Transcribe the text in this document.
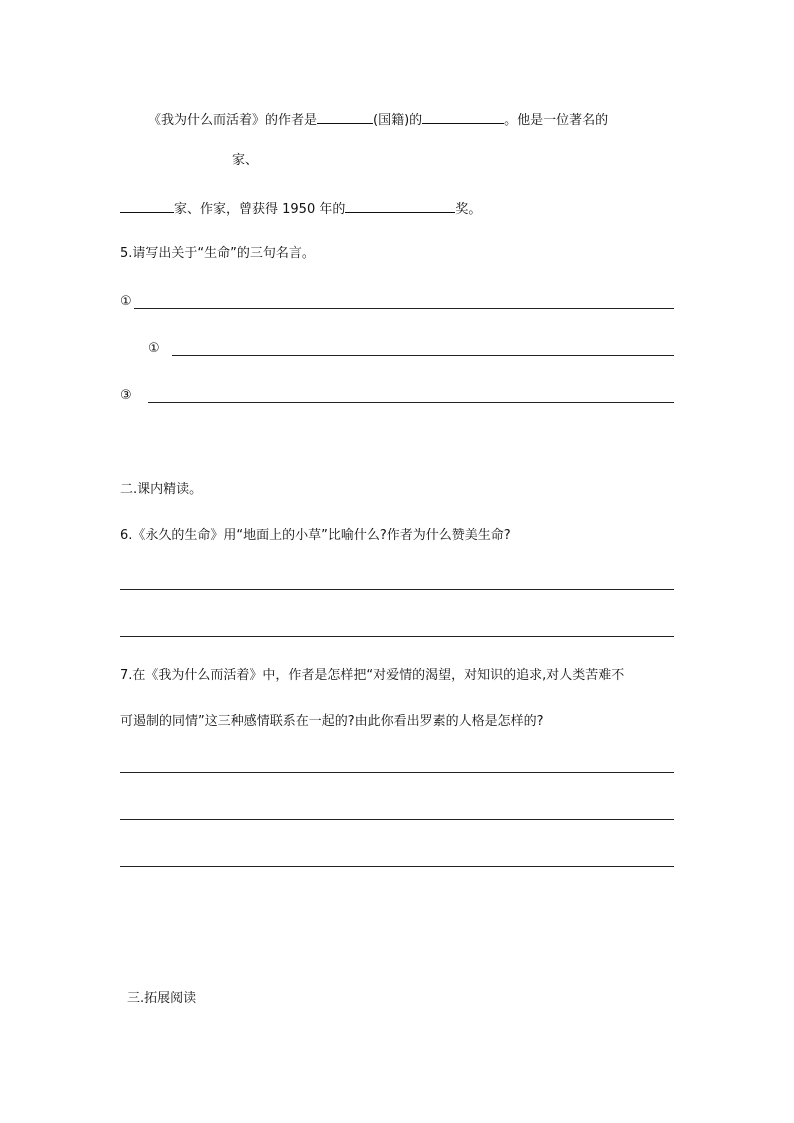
《我为什么而活着》的作者是	(国籍)的	。他是一位著名的
家、
家、作家，曾获得 1950 年的	奖。
5.请写出关于“生命”的三句名言。
①
①
③
二.课内精读。
6.《永久的生命》用“地面上的小草”比喻什么?作者为什么赞美生命?
7.在《我为什么而活着》中，作者是怎样把“对爱情的渴望，对知识的追求,对人类苦难不
可遏制的同情”这三种感情联系在一起的?由此你看出罗素的人格是怎样的?
三.拓展阅读
